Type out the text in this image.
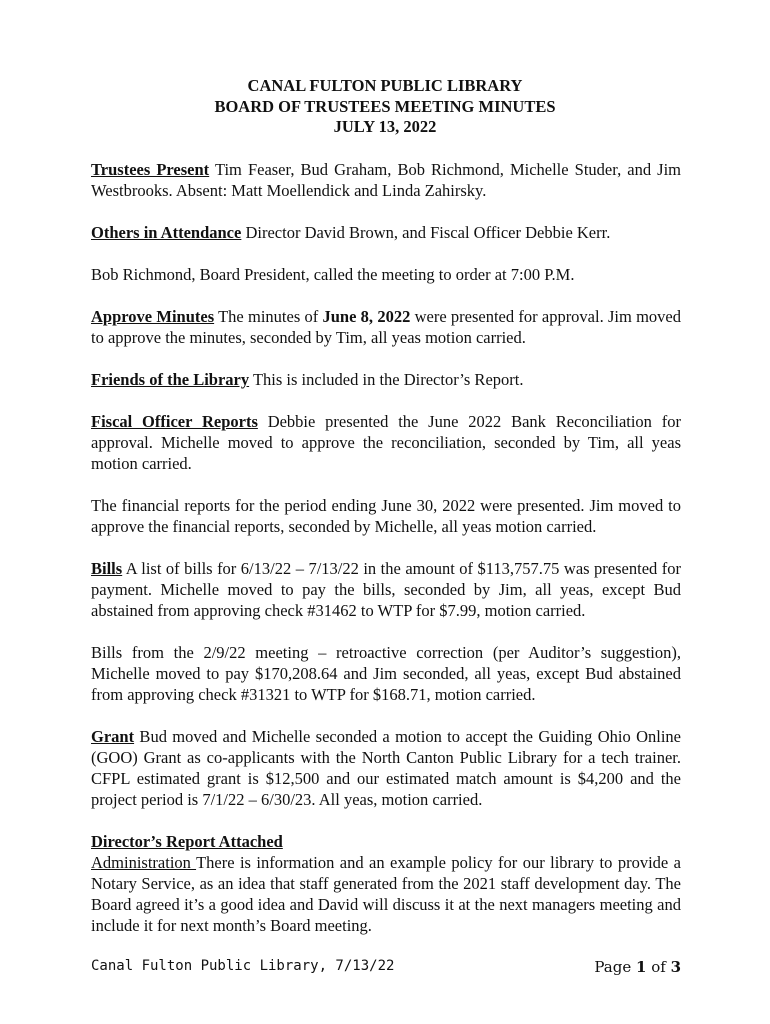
CANAL FULTON PUBLIC LIBRARY
BOARD OF TRUSTEES MEETING MINUTES
JULY 13, 2022

Trustees Present Tim Feaser, Bud Graham, Bob Richmond, Michelle Studer, and Jim Westbrooks. Absent: Matt Moellendick and Linda Zahirsky.

Others in Attendance Director David Brown, and Fiscal Officer Debbie Kerr.

Bob Richmond, Board President, called the meeting to order at 7:00 P.M.

Approve Minutes The minutes of June 8, 2022 were presented for approval. Jim moved to approve the minutes, seconded by Tim, all yeas motion carried.

Friends of the Library This is included in the Director’s Report.

Fiscal Officer Reports Debbie presented the June 2022 Bank Reconciliation for approval. Michelle moved to approve the reconciliation, seconded by Tim, all yeas motion carried.

The financial reports for the period ending June 30, 2022 were presented. Jim moved to approve the financial reports, seconded by Michelle, all yeas motion carried.

Bills A list of bills for 6/13/22 – 7/13/22 in the amount of $113,757.75 was presented for payment. Michelle moved to pay the bills, seconded by Jim, all yeas, except Bud abstained from approving check #31462 to WTP for $7.99, motion carried.

Bills from the 2/9/22 meeting – retroactive correction (per Auditor’s suggestion), Michelle moved to pay $170,208.64 and Jim seconded, all yeas, except Bud abstained from approving check #31321 to WTP for $168.71, motion carried.

Grant Bud moved and Michelle seconded a motion to accept the Guiding Ohio Online (GOO) Grant as co-applicants with the North Canton Public Library for a tech trainer. CFPL estimated grant is $12,500 and our estimated match amount is $4,200 and the project period is 7/1/22 – 6/30/23. All yeas, motion carried.

Director’s Report Attached

Administration There is information and an example policy for our library to provide a Notary Service, as an idea that staff generated from the 2021 staff development day. The Board agreed it’s a good idea and David will discuss it at the next managers meeting and include it for next month’s Board meeting.

Canal Fulton Public Library, 7/13/22	Page 1 of 3
